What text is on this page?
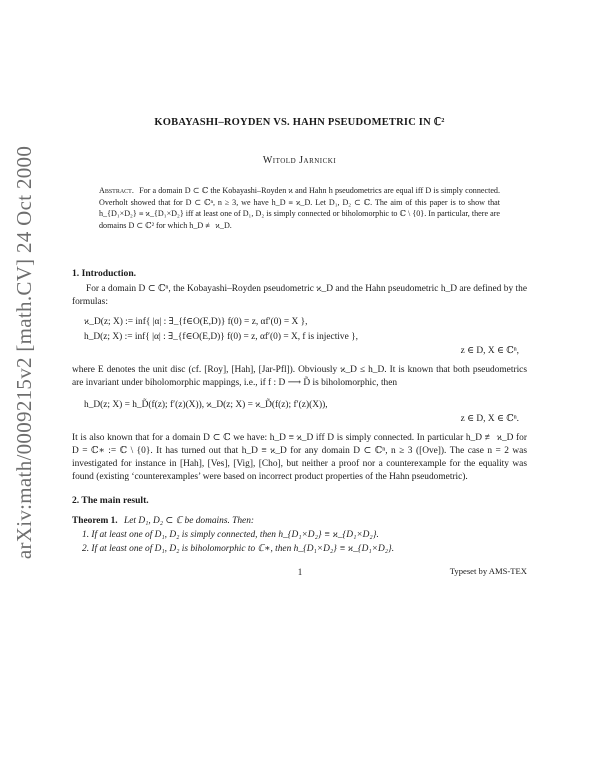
arXiv:math/0009215v2 [math.CV] 24 Oct 2000
KOBAYASHI–ROYDEN VS. HAHN PSEUDOMETRIC IN ℂ²
Witold Jarnicki
Abstract. For a domain D ⊂ ℂ the Kobayashi–Royden ϰ and Hahn h pseudometrics are equal iff D is simply connected. Overholt showed that for D ⊂ ℂⁿ, n ≥ 3, we have h_D ≡ ϰ_D. Let D₁, D₂ ⊂ ℂ. The aim of this paper is to show that h_{D₁×D₂} ≡ ϰ_{D₁×D₂} iff at least one of D₁, D₂ is simply connected or biholomorphic to ℂ \ {0}. In particular, there are domains D ⊂ ℂ² for which h_D ≢ ϰ_D.
1. Introduction.

For a domain D ⊂ ℂⁿ, the Kobayashi–Royden pseudometric ϰ_D and the Hahn pseudometric h_D are defined by the formulas:

ϰ_D(z; X) := inf{ |α| : ∃_{f∈O(E,D)} f(0) = z, αf′(0) = X },
h_D(z; X) := inf{ |α| : ∃_{f∈O(E,D)} f(0) = z, αf′(0) = X, f is injective },
z ∈ D, X ∈ ℂⁿ,

where E denotes the unit disc (cf. [Roy], [Hah], [Jar-Pfl]). Obviously ϰ_D ≤ h_D. It is known that both pseudometrics are invariant under biholomorphic mappings, i.e., if f : D ⟶ D̃ is biholomorphic, then

h_D(z; X) = h_D̃(f(z); f′(z)(X)), ϰ_D(z; X) = ϰ_D̃(f(z); f′(z)(X)),
z ∈ D, X ∈ ℂⁿ.

It is also known that for a domain D ⊂ ℂ we have: h_D ≡ ϰ_D iff D is simply connected. In particular h_D ≢ ϰ_D for D = ℂ∗ := ℂ \ {0}. It has turned out that h_D ≡ ϰ_D for any domain D ⊂ ℂⁿ, n ≥ 3 ([Ove]). The case n = 2 was investigated for instance in [Hah], [Ves], [Vig], [Cho], but neither a proof nor a counterexample for the equality was found (existing ‘counterexamples’ were based on incorrect product properties of the Hahn pseudometric).

2. The main result.
Theorem 1. Let D₁, D₂ ⊂ ℂ be domains. Then:
1. If at least one of D₁, D₂ is simply connected, then h_{D₁×D₂} ≡ ϰ_{D₁×D₂}.
2. If at least one of D₁, D₂ is biholomorphic to ℂ∗, then h_{D₁×D₂} ≡ ϰ_{D₁×D₂}.
Typeset by AMS-TEX
1
